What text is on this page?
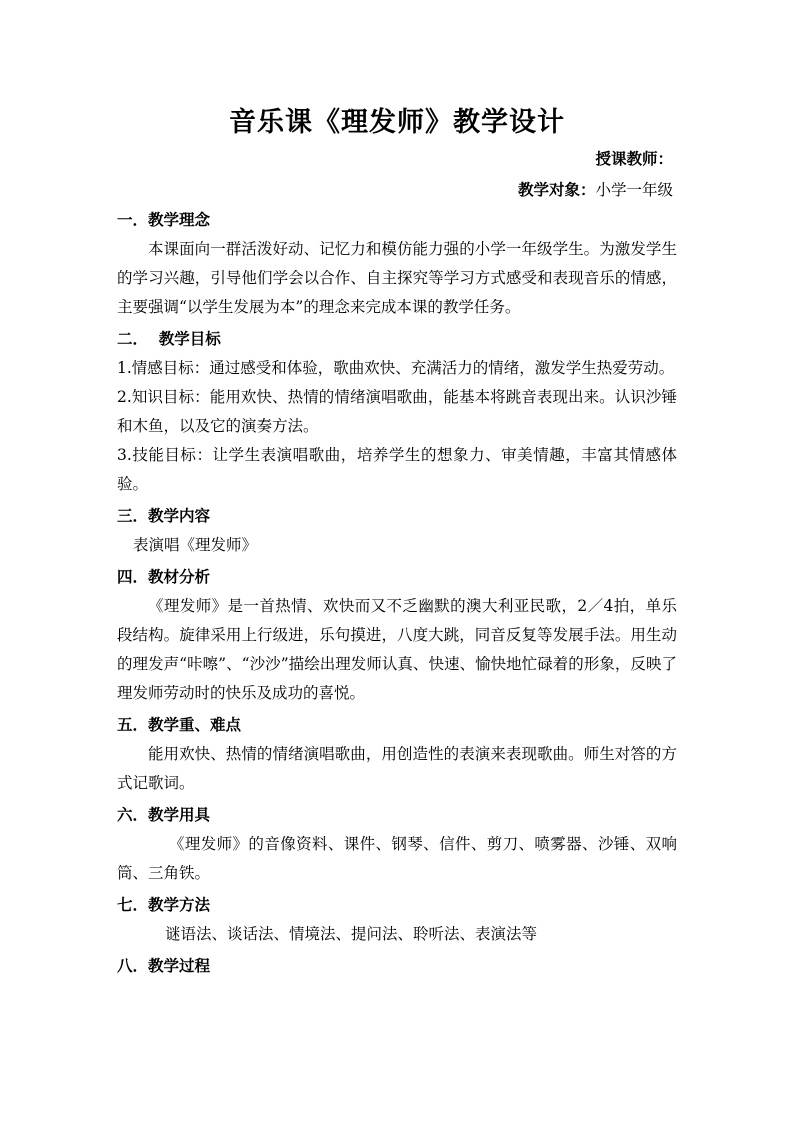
音乐课《理发师》教学设计
授课教师：
教学对象：小学一年级
一．教学理念
本课面向一群活泼好动、记忆力和模仿能力强的小学一年级学生。为激发学生的学习兴趣，引导他们学会以合作、自主探究等学习方式感受和表现音乐的情感，主要强调“以学生发展为本”的理念来完成本课的教学任务。
二．  教学目标
1.情感目标：通过感受和体验，歌曲欢快、充满活力的情绪，激发学生热爱劳动。
2.知识目标：能用欢快、热情的情绪演唱歌曲，能基本将跳音表现出来。认识沙锤和木鱼，以及它的演奏方法。
3.技能目标：让学生表演唱歌曲，培养学生的想象力、审美情趣，丰富其情感体验。
三．教学内容
表演唱《理发师》
四．教材分析
《理发师》是一首热情、欢快而又不乏幽默的澳大利亚民歌，2／4拍，单乐段结构。旋律采用上行级进，乐句摸进，八度大跳，同音反复等发展手法。用生动的理发声“咔嚓”、“沙沙”描绘出理发师认真、快速、愉快地忙碌着的形象，反映了理发师劳动时的快乐及成功的喜悦。
五．教学重、难点
能用欢快、热情的情绪演唱歌曲，用创造性的表演来表现歌曲。师生对答的方式记歌词。
六．教学用具
《理发师》的音像资料、课件、钢琴、信件、剪刀、喷雾器、沙锤、双响筒、三角铁。
七．教学方法
谜语法、谈话法、情境法、提问法、聆听法、表演法等
八．教学过程
